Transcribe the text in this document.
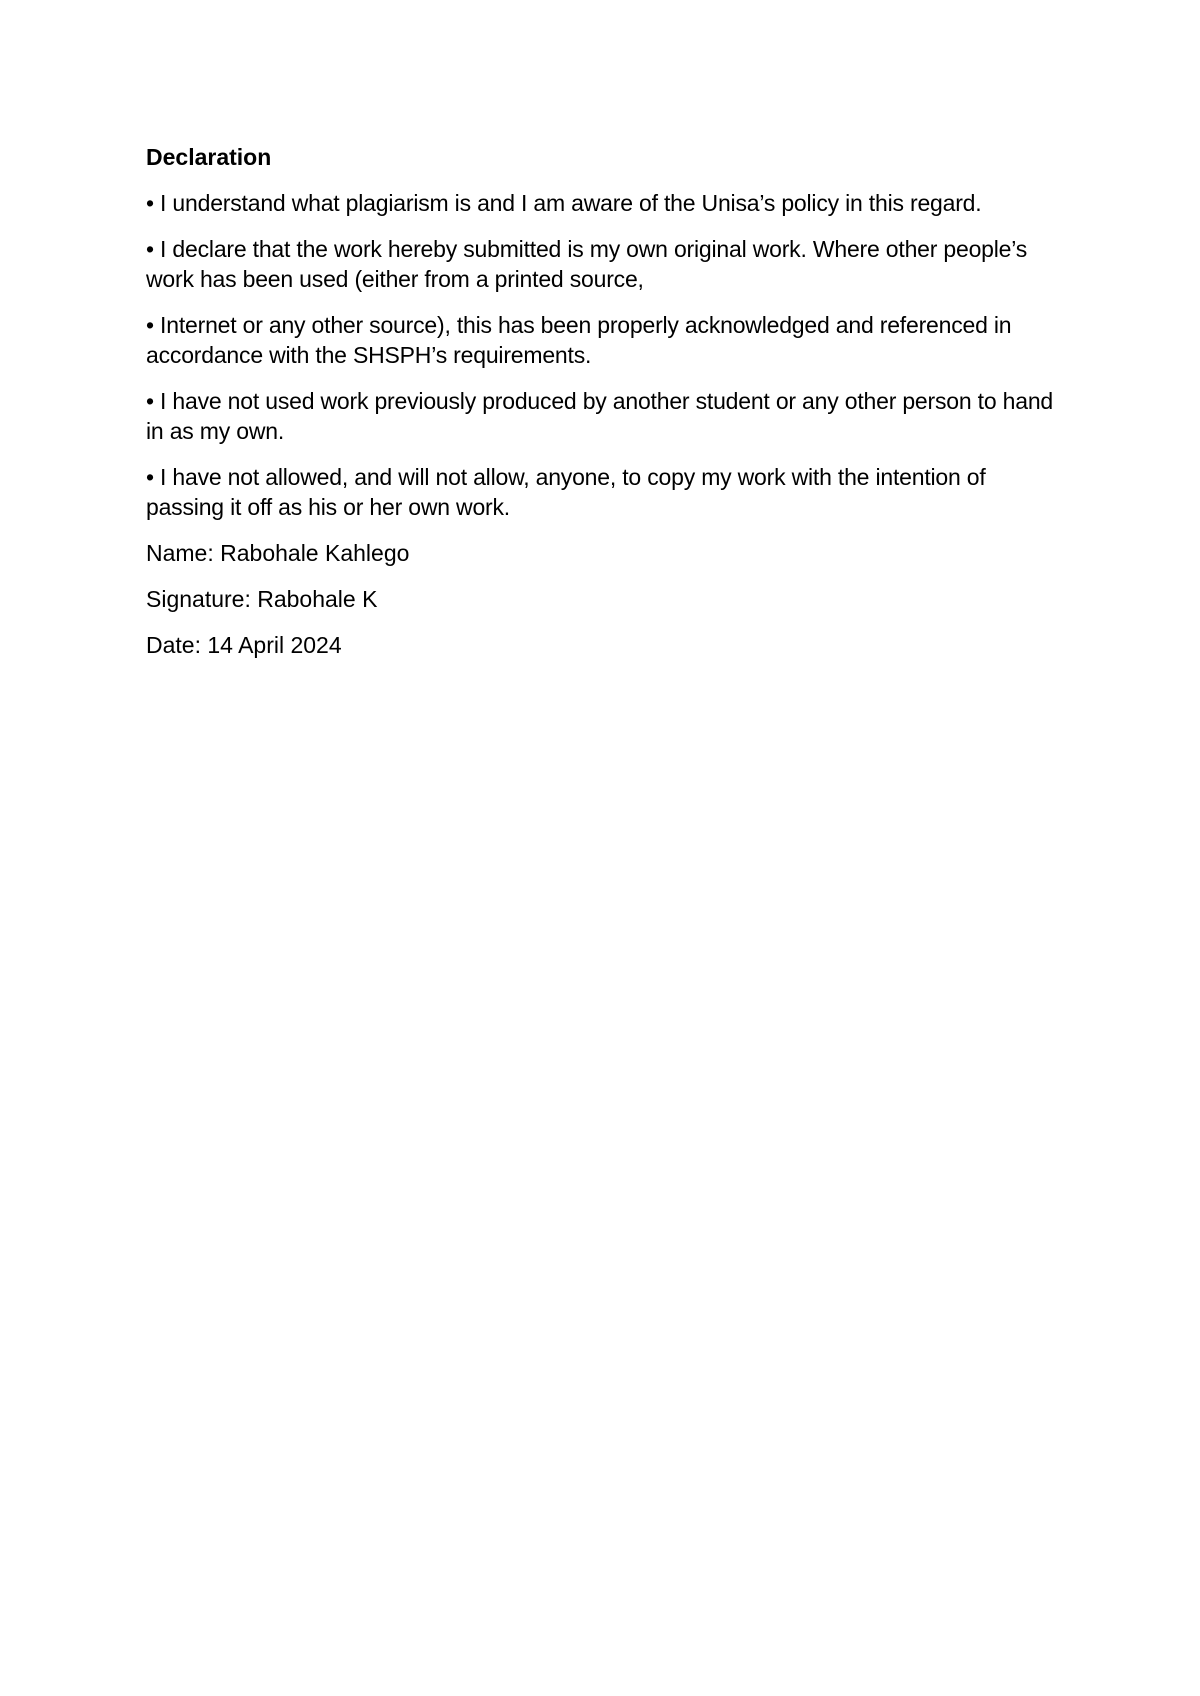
Declaration
• I understand what plagiarism is and I am aware of the Unisa’s policy in this regard.
• I declare that the work hereby submitted is my own original work. Where other people’s work has been used (either from a printed source,
• Internet or any other source), this has been properly acknowledged and referenced in accordance with the SHSPH’s requirements.
• I have not used work previously produced by another student or any other person to hand in as my own.
• I have not allowed, and will not allow, anyone, to copy my work with the intention of passing it off as his or her own work.
Name: Rabohale Kahlego
Signature: Rabohale K
Date: 14 April 2024
